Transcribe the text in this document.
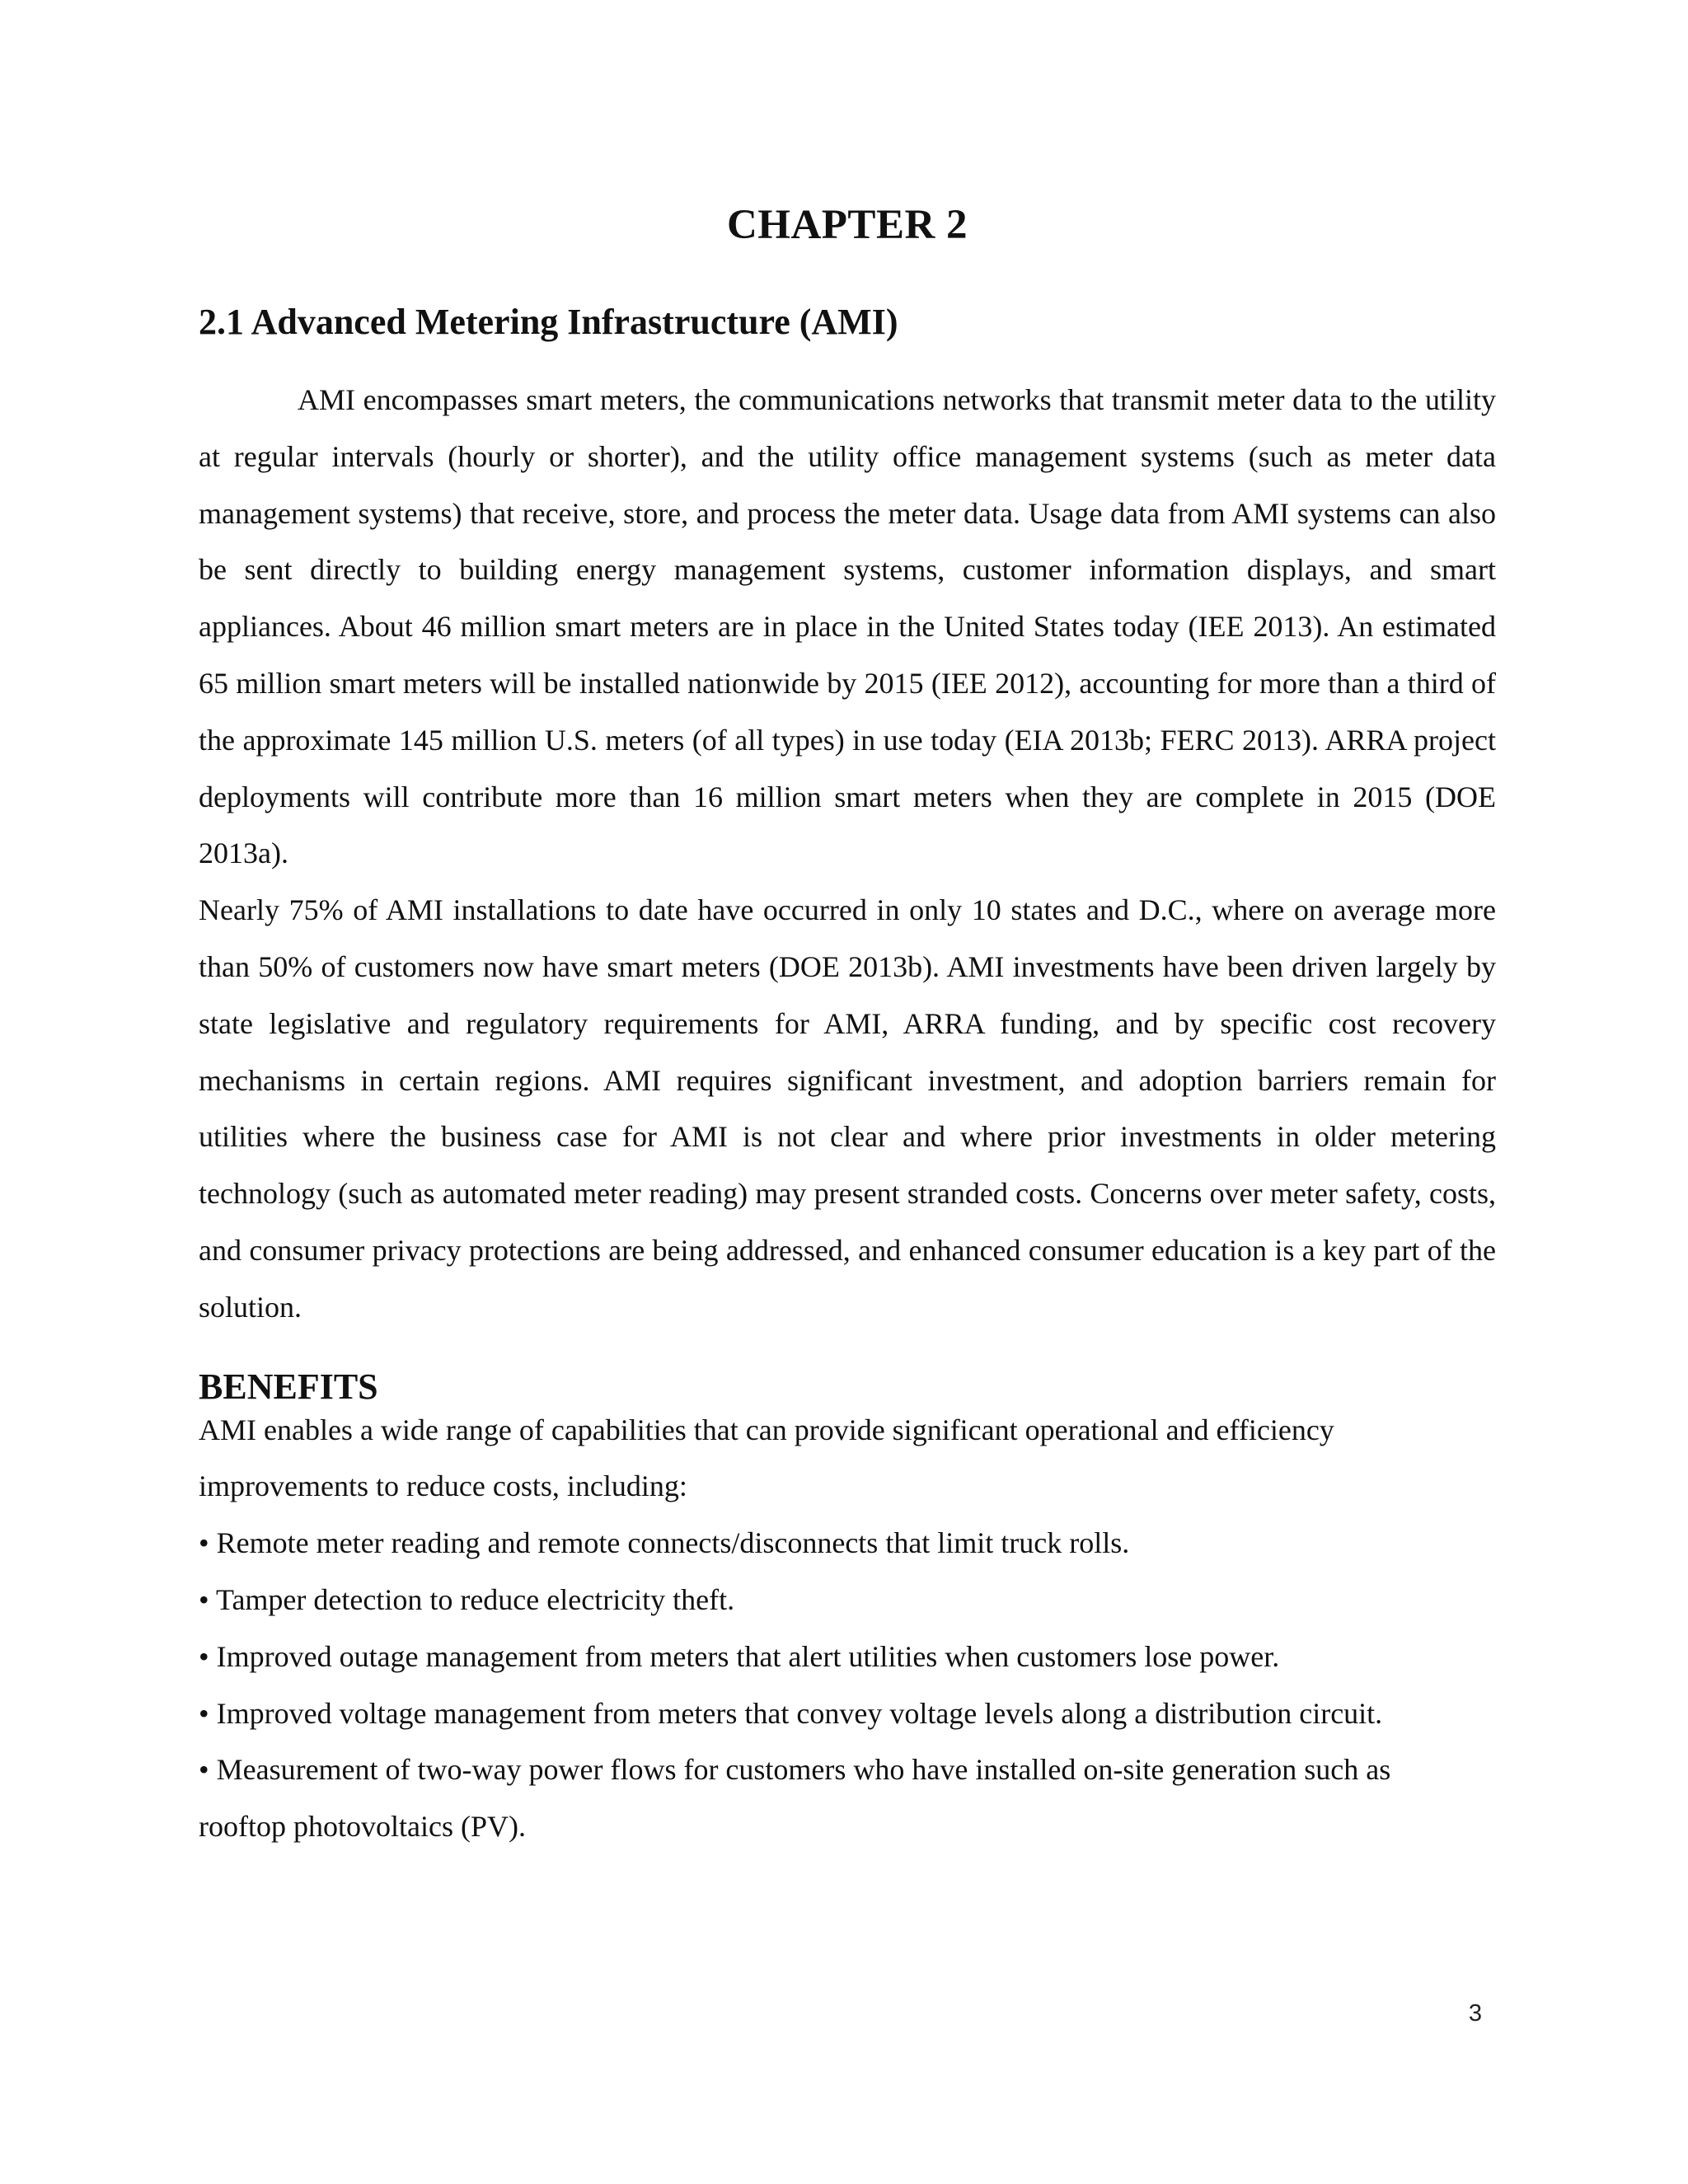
CHAPTER 2
2.1 Advanced Metering Infrastructure (AMI)

AMI encompasses smart meters, the communications networks that transmit meter data to the utility at regular intervals (hourly or shorter), and the utility office management systems (such as meter data management systems) that receive, store, and process the meter data. Usage data from AMI systems can also be sent directly to building energy management systems, customer information displays, and smart appliances. About 46 million smart meters are in place in the United States today (IEE 2013). An estimated 65 million smart meters will be installed nationwide by 2015 (IEE 2012), accounting for more than a third of the approximate 145 million U.S. meters (of all types) in use today (EIA 2013b; FERC 2013). ARRA project deployments will contribute more than 16 million smart meters when they are complete in 2015 (DOE 2013a).

Nearly 75% of AMI installations to date have occurred in only 10 states and D.C., where on average more than 50% of customers now have smart meters (DOE 2013b). AMI investments have been driven largely by state legislative and regulatory requirements for AMI, ARRA funding, and by specific cost recovery mechanisms in certain regions. AMI requires significant investment, and adoption barriers remain for utilities where the business case for AMI is not clear and where prior investments in older metering technology (such as automated meter reading) may present stranded costs. Concerns over meter safety, costs, and consumer privacy protections are being addressed, and enhanced consumer education is a key part of the solution.

BENEFITS

AMI enables a wide range of capabilities that can provide significant operational and efficiency improvements to reduce costs, including:

• Remote meter reading and remote connects/disconnects that limit truck rolls.
• Tamper detection to reduce electricity theft.
• Improved outage management from meters that alert utilities when customers lose power.
• Improved voltage management from meters that convey voltage levels along a distribution circuit.
• Measurement of two-way power flows for customers who have installed on-site generation such as rooftop photovoltaics (PV).
3
